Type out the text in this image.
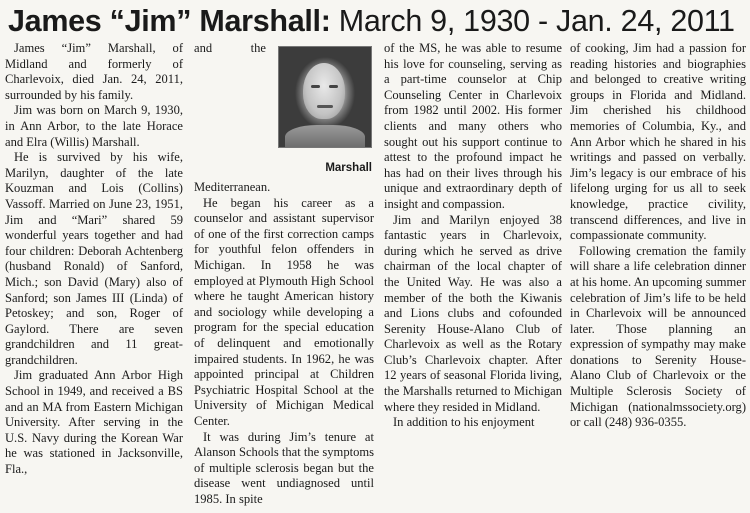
James “Jim” Marshall: March 9, 1930 - Jan. 24, 2011

James “Jim” Marshall, of Midland and formerly of Charlevoix, died Jan. 24, 2011, surrounded by his family.

Jim was born on March 9, 1930, in Ann Arbor, to the late Horace and Elra (Willis) Marshall.

He is survived by his wife, Marilyn, daughter of the late Kouzman and Lois (Collins) Vassoff. Married on June 23, 1951, Jim and “Mari” shared 59 wonderful years together and had four children: Deborah Achtenberg (husband Ronald) of Sanford, Mich.; son David (Mary) also of Sanford; son James III (Linda) of Petoskey; and son, Roger of Gaylord. There are seven grandchildren and 11 great-grandchildren.

Jim graduated Ann Arbor High School in 1949, and received a BS and an MA from Eastern Michigan University. After serving in the U.S. Navy during the Korean War he was stationed in Jacksonville, Fla.,

Marshall

and the Mediterranean.

He began his career as a counselor and assistant supervisor of one of the first correction camps for youthful felon offenders in Michigan. In 1958 he was employed at Plymouth High School where he taught American history and sociology while developing a program for the special education of delinquent and emotionally impaired students. In 1962, he was appointed principal at Children Psychiatric Hospital School at the University of Michigan Medical Center.

It was during Jim’s tenure at Alanson Schools that the symptoms of multiple sclerosis began but the disease went undiagnosed until 1985. In spite

of the MS, he was able to resume his love for counseling, serving as a part-time counselor at Chip Counseling Center in Charlevoix from 1982 until 2002. His former clients and many others who sought out his support continue to attest to the profound impact he has had on their lives through his unique and extraordinary depth of insight and compassion.

Jim and Marilyn enjoyed 38 fantastic years in Charlevoix, during which he served as drive chairman of the local chapter of the United Way. He was also a member of the both the Kiwanis and Lions clubs and cofounded Serenity House-Alano Club of Charlevoix as well as the Rotary Club’s Charlevoix chapter. After 12 years of seasonal Florida living, the Marshalls returned to Michigan where they resided in Midland.

In addition to his enjoyment

of cooking, Jim had a passion for reading histories and biographies and belonged to creative writing groups in Florida and Midland. Jim cherished his childhood memories of Columbia, Ky., and Ann Arbor which he shared in his writings and passed on verbally. Jim’s legacy is our embrace of his lifelong urging for us all to seek knowledge, practice civility, transcend differences, and live in compassionate community.

Following cremation the family will share a life celebration dinner at his home. An upcoming summer celebration of Jim’s life to be held in Charlevoix will be announced later. Those planning an expression of sympathy may make donations to Serenity House-Alano Club of Charlevoix or the Multiple Sclerosis Society of Michigan (nationalmssociety.org) or call (248) 936-0355.
